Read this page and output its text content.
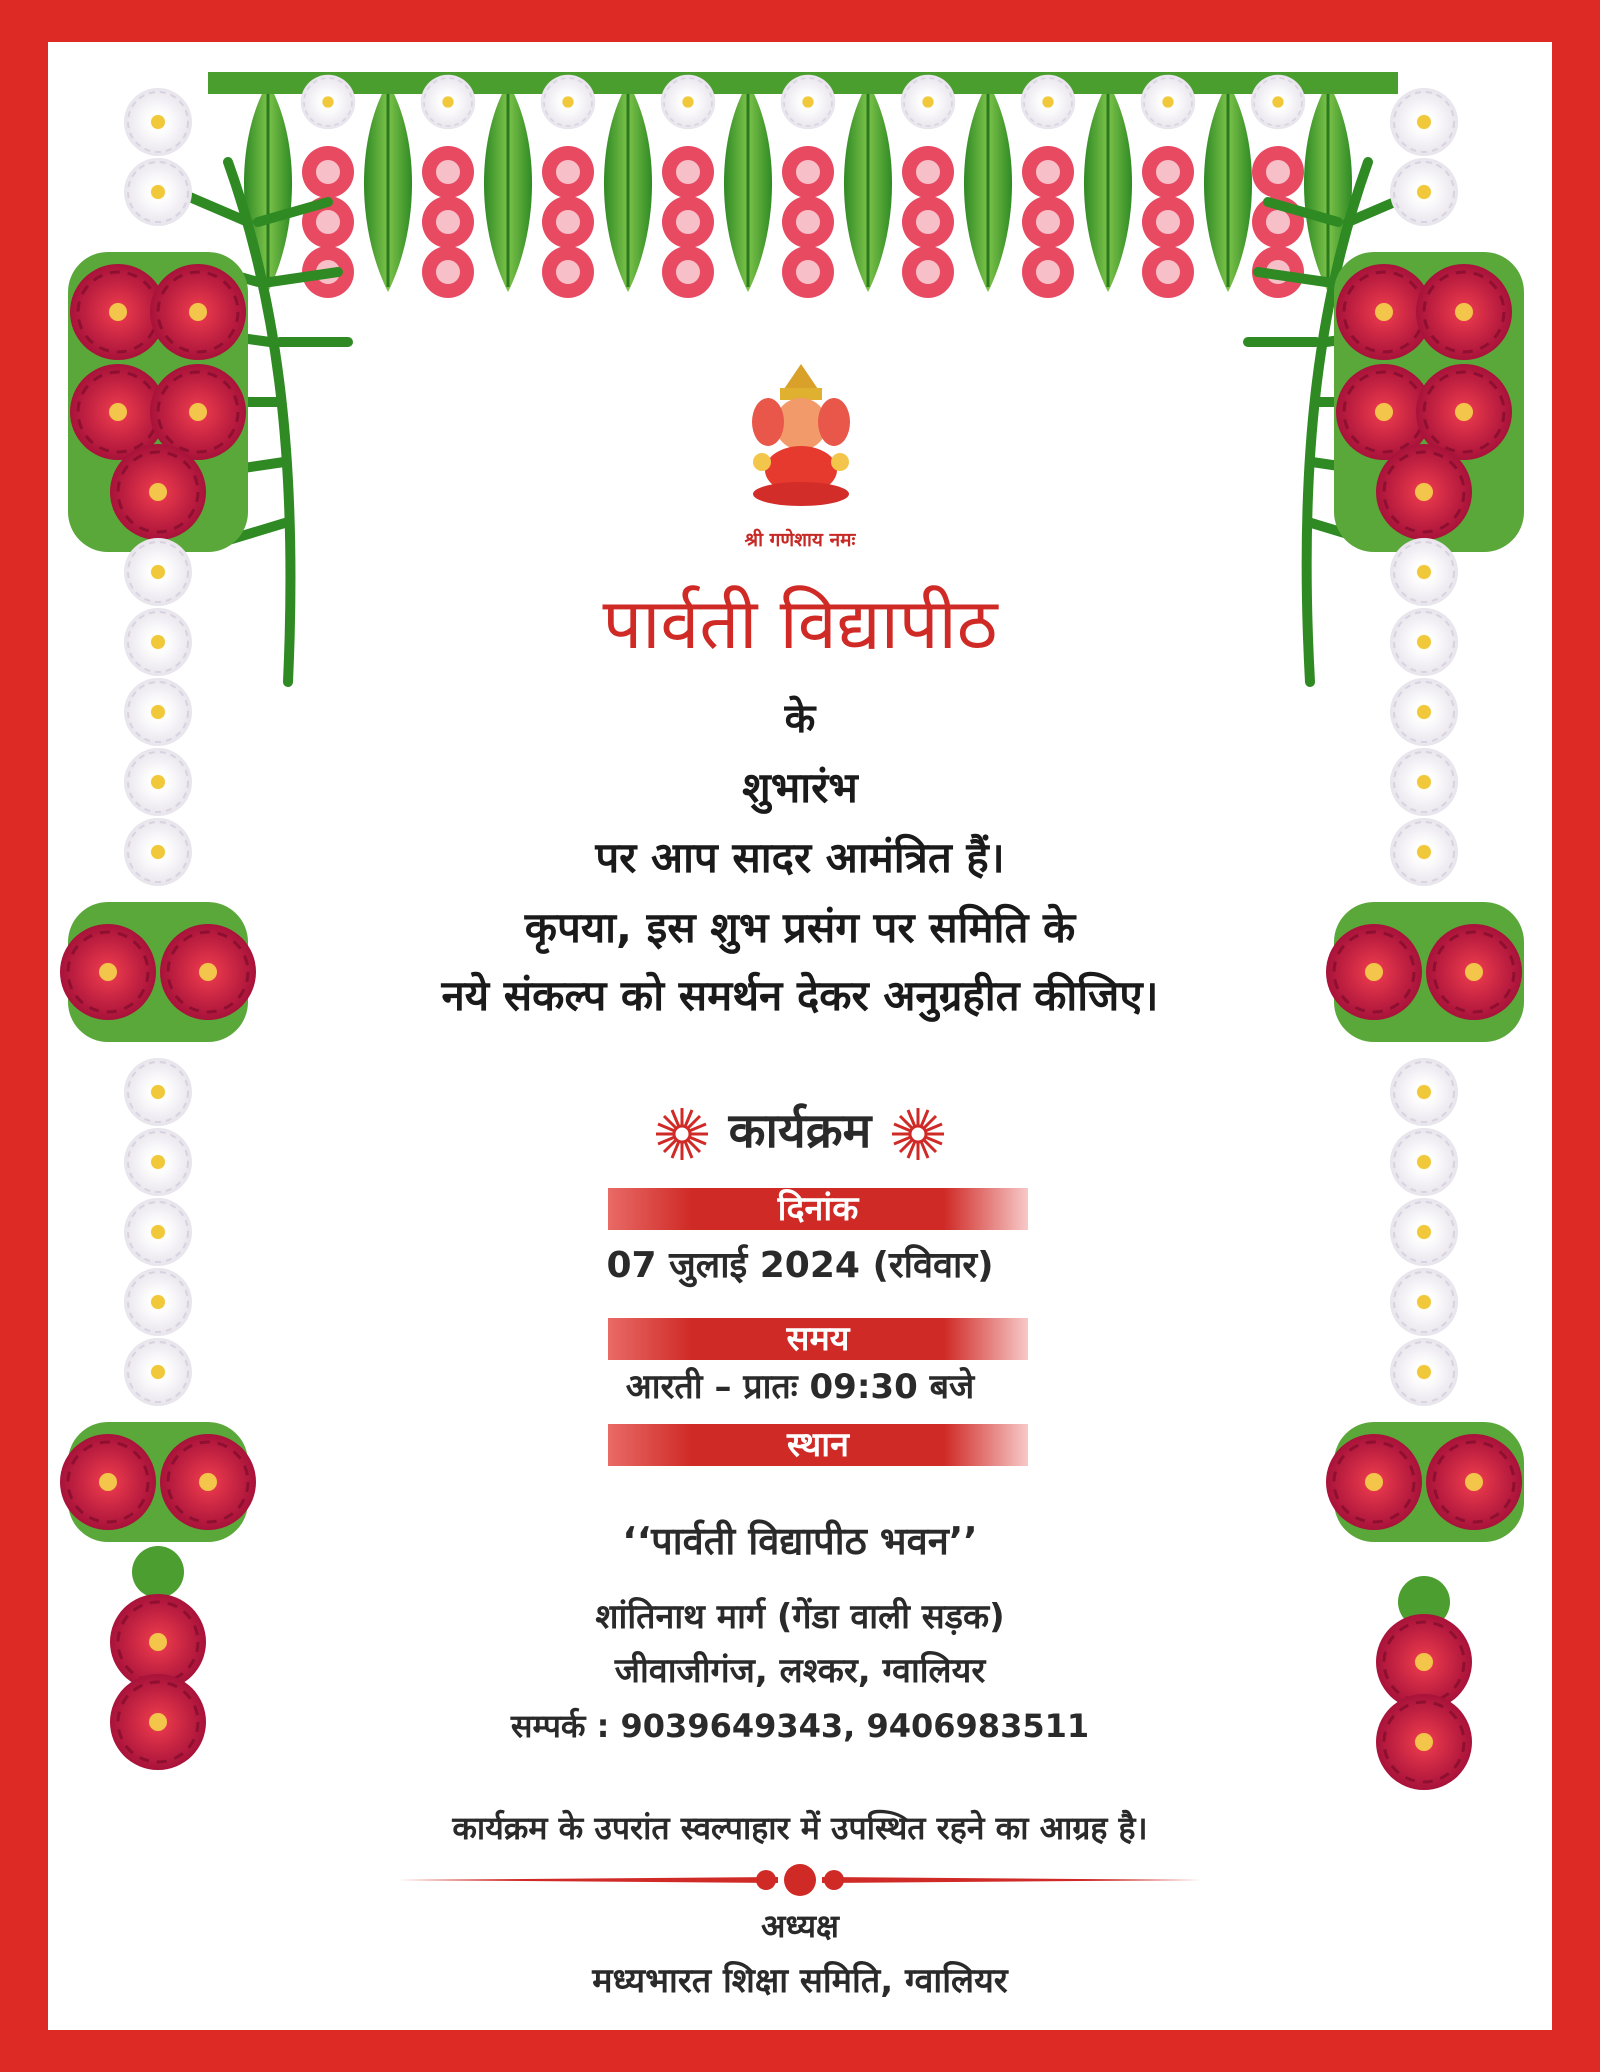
श्री गणेशाय नमः
पार्वती विद्यापीठ
के
शुभारंभ
पर आप सादर आमंत्रित हैं।
कृपया, इस शुभ प्रसंग पर समिति के
नये संकल्प को समर्थन देकर अनुग्रहीत कीजिए।
कार्यक्रम
दिनांक
07 जुलाई 2024 (रविवार)
समय
आरती – प्रातः 09:30 बजे
स्थान
‘‘पार्वती विद्यापीठ भवन’’
शांतिनाथ मार्ग (गेंडा वाली सड़क)
जीवाजीगंज, लश्कर, ग्वालियर
सम्पर्क : 9039649343, 9406983511
कार्यक्रम के उपरांत स्वल्पाहार में उपस्थित रहने का आग्रह है।
अध्यक्ष
मध्यभारत शिक्षा समिति, ग्वालियर
